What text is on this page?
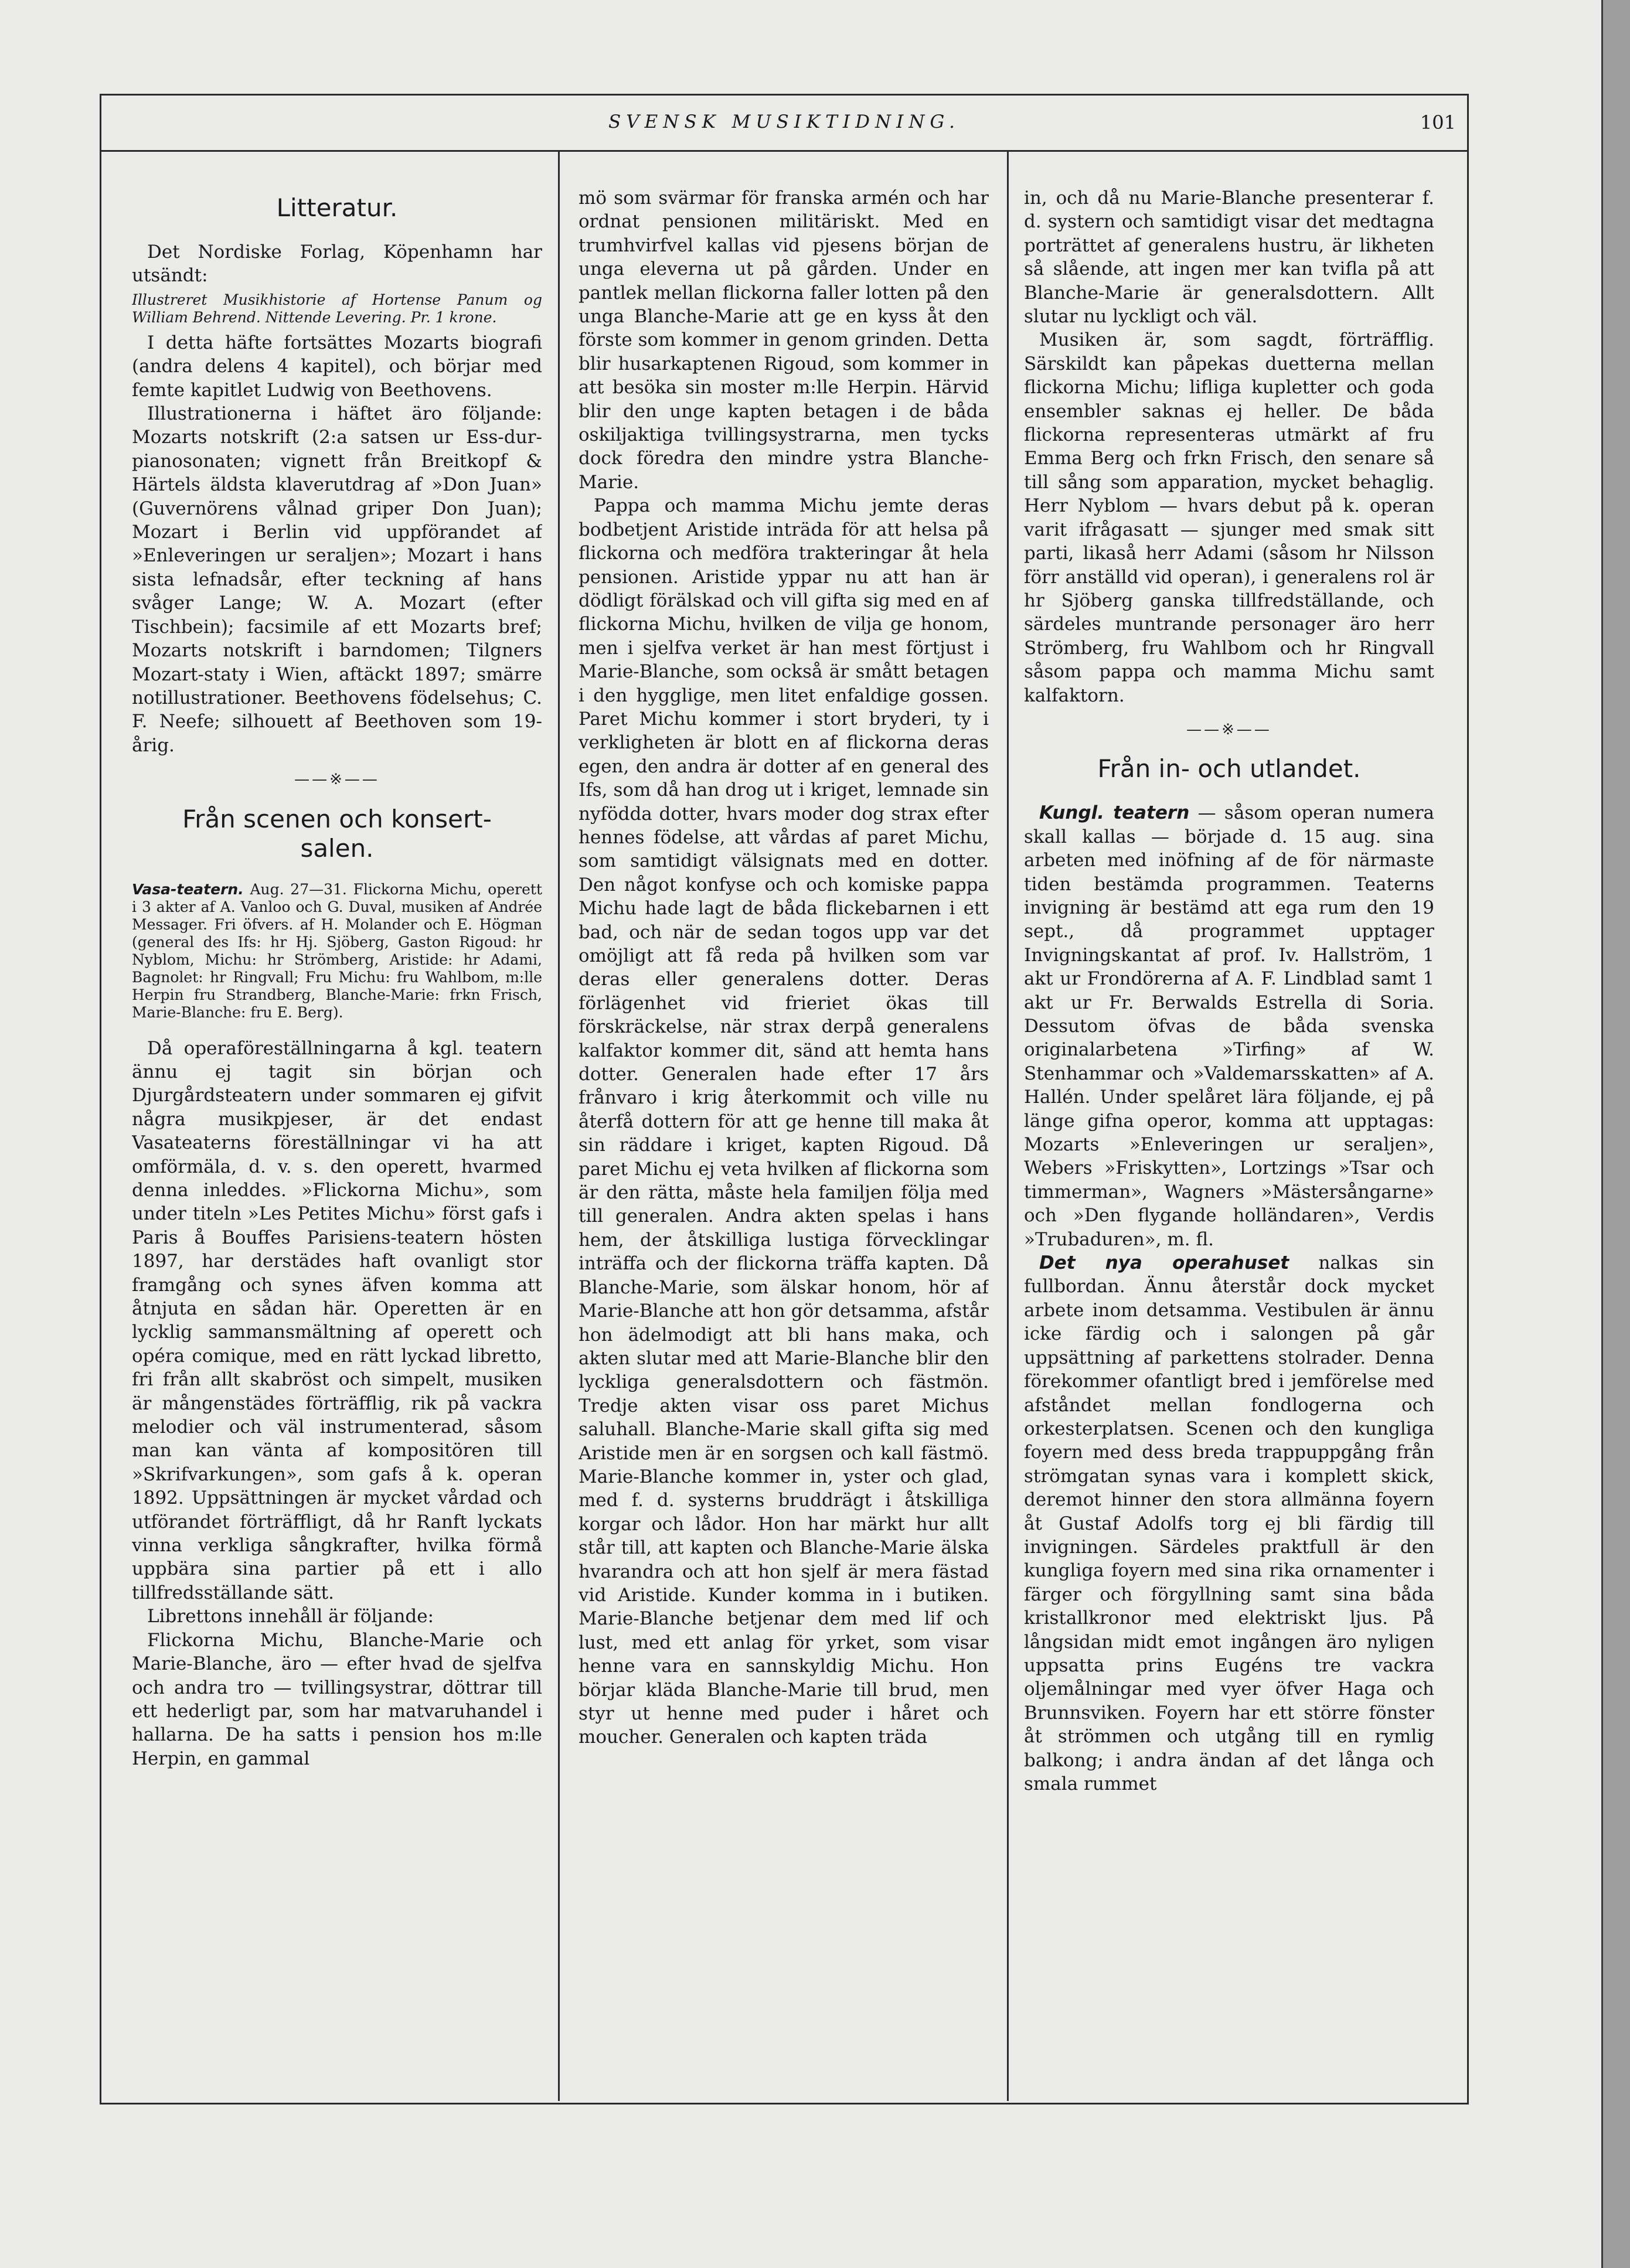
SVENSK MUSIKTIDNING.	101
Litteratur.

Det Nordiske Forlag, Köpenhamn har utsändt:

Illustreret Musikhistorie af Hortense Panum og William Behrend. Nittende Levering. Pr. 1 krone.

I detta häfte fortsättes Mozarts biografi (andra delens 4 kapitel), och börjar med femte kapitlet Ludwig von Beethovens.

Illustrationerna i häftet äro följande: Mozarts notskrift (2:a satsen ur Ess-dur-pianosonaten; vignett från Breitkopf & Härtels äldsta klaverutdrag af »Don Juan» (Guvernörens vålnad griper Don Juan); Mozart i Berlin vid uppförandet af »Enleveringen ur seraljen»; Mozart i hans sista lefnadsår, efter teckning af hans svåger Lange; W. A. Mozart (efter Tischbein); facsimile af ett Mozarts bref; Mozarts notskrift i barndomen; Tilgners Mozart-staty i Wien, aftäckt 1897; smärre notillustrationer. Beethovens födelsehus; C. F. Neefe; silhouett af Beethoven som 19-årig.

——※——
Från scenen och konsert-salen.

Vasa-teatern. Aug. 27—31. Flickorna Michu, operett i 3 akter af A. Vanloo och G. Duval, musiken af Andrée Messager. Fri öfvers. af H. Molander och E. Högman (general des Ifs: hr Hj. Sjöberg, Gaston Rigoud: hr Nyblom, Michu: hr Strömberg, Aristide: hr Adami, Bagnolet: hr Ringvall; Fru Michu: fru Wahlbom, m:lle Herpin fru Strandberg, Blanche-Marie: frkn Frisch, Marie-Blanche: fru E. Berg).

Då operaföreställningarna å kgl. teatern ännu ej tagit sin början och Djurgårdsteatern under sommaren ej gifvit några musikpjeser, är det endast Vasateaterns föreställningar vi ha att omförmäla, d. v. s. den operett, hvarmed denna inleddes. »Flickorna Michu», som under titeln »Les Petites Michu» först gafs i Paris å Bouffes Parisiens-teatern hösten 1897, har derstädes haft ovanligt stor framgång och synes äfven komma att åtnjuta en sådan här. Operetten är en lycklig sammansmältning af operett och opéra comique, med en rätt lyckad libretto, fri från allt skabröst och simpelt, musiken är mångenstädes förträfflig, rik på vackra melodier och väl instrumenterad, såsom man kan vänta af kompositören till »Skrifvarkungen», som gafs å k. operan 1892. Uppsättningen är mycket vårdad och utförandet förträffligt, då hr Ranft lyckats vinna verkliga sångkrafter, hvilka förmå uppbära sina partier på ett i allo tillfredsställande sätt.

Librettons innehåll är följande:

Flickorna Michu, Blanche-Marie och Marie-Blanche, äro — efter hvad de sjelfva och andra tro — tvillingsystrar, döttrar till ett hederligt par, som har matvaruhandel i hallarna. De ha satts i pension hos m:lle Herpin, en gammal

mö som svärmar för franska armén och har ordnat pensionen militäriskt. Med en trumhvirfvel kallas vid pjesens början de unga eleverna ut på gården. Under en pantlek mellan flickorna faller lotten på den unga Blanche-Marie att ge en kyss åt den förste som kommer in genom grinden. Detta blir husarkaptenen Rigoud, som kommer in att besöka sin moster m:lle Herpin. Härvid blir den unge kapten betagen i de båda oskiljaktiga tvillingsystrarna, men tycks dock föredra den mindre ystra Blanche-Marie.

Pappa och mamma Michu jemte deras bodbetjent Aristide inträda för att helsa på flickorna och medföra trakteringar åt hela pensionen. Aristide yppar nu att han är dödligt förälskad och vill gifta sig med en af flickorna Michu, hvilken de vilja ge honom, men i sjelfva verket är han mest förtjust i Marie-Blanche, som också är smått betagen i den hygglige, men litet enfaldige gossen. Paret Michu kommer i stort bryderi, ty i verkligheten är blott en af flickorna deras egen, den andra är dotter af en general des Ifs, som då han drog ut i kriget, lemnade sin nyfödda dotter, hvars moder dog strax efter hennes födelse, att vårdas af paret Michu, som samtidigt välsignats med en dotter. Den något konfyse och och komiske pappa Michu hade lagt de båda flickebarnen i ett bad, och när de sedan togos upp var det omöjligt att få reda på hvilken som var deras eller generalens dotter. Deras förlägenhet vid frieriet ökas till förskräckelse, när strax derpå generalens kalfaktor kommer dit, sänd att hemta hans dotter. Generalen hade efter 17 års frånvaro i krig återkommit och ville nu återfå dottern för att ge henne till maka åt sin räddare i kriget, kapten Rigoud. Då paret Michu ej veta hvilken af flickorna som är den rätta, måste hela familjen följa med till generalen. Andra akten spelas i hans hem, der åtskilliga lustiga förvecklingar inträffa och der flickorna träffa kapten. Då Blanche-Marie, som älskar honom, hör af Marie-Blanche att hon gör detsamma, afstår hon ädelmodigt att bli hans maka, och akten slutar med att Marie-Blanche blir den lyckliga generalsdottern och fästmön. Tredje akten visar oss paret Michus saluhall. Blanche-Marie skall gifta sig med Aristide men är en sorgsen och kall fästmö. Marie-Blanche kommer in, yster och glad, med f. d. systerns bruddrägt i åtskilliga korgar och lådor. Hon har märkt hur allt står till, att kapten och Blanche-Marie älska hvarandra och att hon sjelf är mera fästad vid Aristide. Kunder komma in i butiken. Marie-Blanche betjenar dem med lif och lust, med ett anlag för yrket, som visar henne vara en sannskyldig Michu. Hon börjar kläda Blanche-Marie till brud, men styr ut henne med puder i håret och moucher. Generalen och kapten träda

in, och då nu Marie-Blanche presenterar f. d. systern och samtidigt visar det medtagna porträttet af generalens hustru, är likheten så slående, att ingen mer kan tvifla på att Blanche-Marie är generalsdottern. Allt slutar nu lyckligt och väl.

Musiken är, som sagdt, förträfflig. Särskildt kan påpekas duetterna mellan flickorna Michu; lifliga kupletter och goda ensembler saknas ej heller. De båda flickorna representeras utmärkt af fru Emma Berg och frkn Frisch, den senare så till sång som apparation, mycket behaglig. Herr Nyblom — hvars debut på k. operan varit ifrågasatt — sjunger med smak sitt parti, likaså herr Adami (såsom hr Nilsson förr anställd vid operan), i generalens rol är hr Sjöberg ganska tillfredställande, och särdeles muntrande personager äro herr Strömberg, fru Wahlbom och hr Ringvall såsom pappa och mamma Michu samt kalfaktorn.

——※——
Från in- och utlandet.

Kungl. teatern — såsom operan numera skall kallas — började d. 15 aug. sina arbeten med inöfning af de för närmaste tiden bestämda programmen. Teaterns invigning är bestämd att ega rum den 19 sept., då programmet upptager Invigningskantat af prof. Iv. Hallström, 1 akt ur Frondörerna af A. F. Lindblad samt 1 akt ur Fr. Berwalds Estrella di Soria. Dessutom öfvas de båda svenska originalarbetena »Tirfing» af W. Stenhammar och »Valdemarsskatten» af A. Hallén. Under spelåret lära följande, ej på länge gifna operor, komma att upptagas: Mozarts »Enleveringen ur seraljen», Webers »Friskytten», Lortzings »Tsar och timmerman», Wagners »Mästersångarne» och »Den flygande holländaren», Verdis »Trubaduren», m. fl.

Det nya operahuset nalkas sin fullbordan. Ännu återstår dock mycket arbete inom detsamma. Vestibulen är ännu icke färdig och i salongen på går uppsättning af parkettens stolrader. Denna förekommer ofantligt bred i jemförelse med afståndet mellan fondlogerna och orkesterplatsen. Scenen och den kungliga foyern med dess breda trappuppgång från strömgatan synas vara i komplett skick, deremot hinner den stora allmänna foyern åt Gustaf Adolfs torg ej bli färdig till invigningen. Särdeles praktfull är den kungliga foyern med sina rika ornamenter i färger och förgyllning samt sina båda kristallkronor med elektriskt ljus. På långsidan midt emot ingången äro nyligen uppsatta prins Eugéns tre vackra oljemålningar med vyer öfver Haga och Brunnsviken. Foyern har ett större fönster åt strömmen och utgång till en rymlig balkong; i andra ändan af det långa och smala rummet
